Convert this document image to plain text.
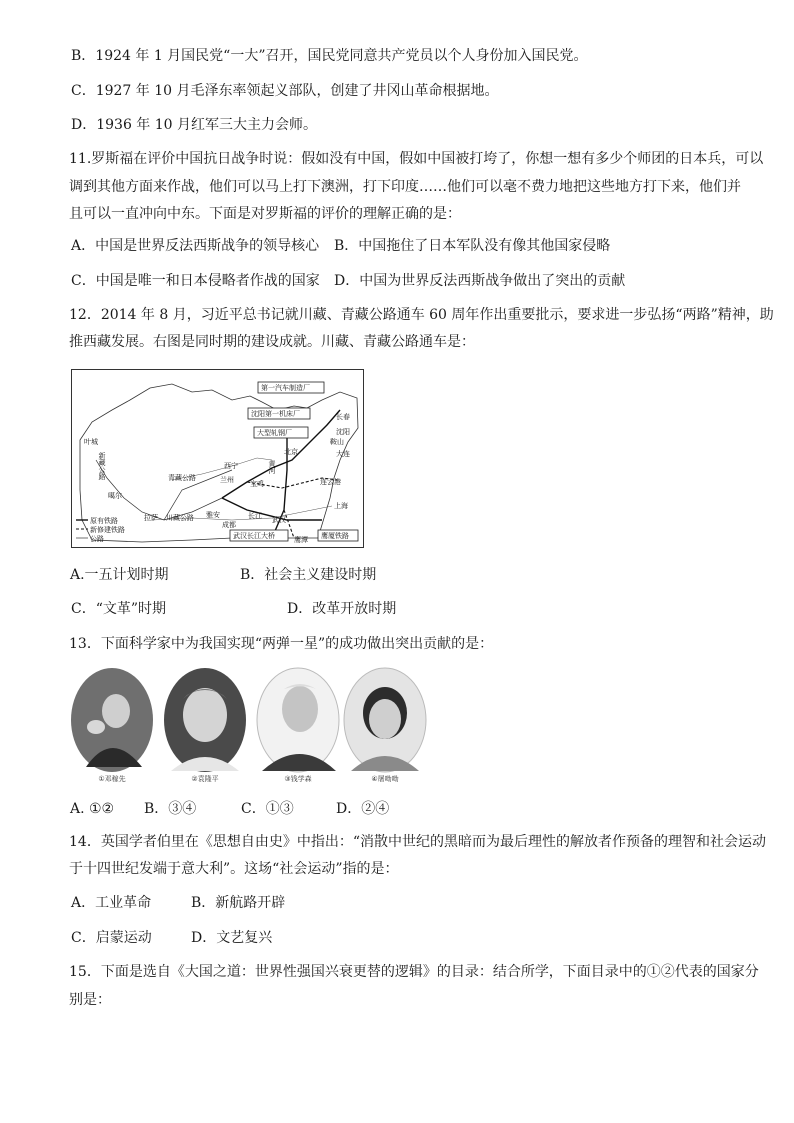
B．1924 年 1 月国民党“一大”召开，国民党同意共产党员以个人身份加入国民党。
C．1927 年 10 月毛泽东率领起义部队，创建了井冈山革命根据地。
D．1936 年 10 月红军三大主力会师。
11.罗斯福在评价中国抗日战争时说：假如没有中国，假如中国被打垮了，你想一想有多少个师团的日本兵，可以
调到其他方面来作战，他们可以马上打下澳洲，打下印度……他们可以毫不费力地把这些地方打下来，他们并
且可以一直冲向中东。下面是对罗斯福的评价的理解正确的是：
A．中国是世界反法西斯战争的领导核心 B．中国拖住了日本军队没有像其他国家侵略
C．中国是唯一和日本侵略者作战的国家 D．中国为世界反法西斯战争做出了突出的贡献
12．2014 年 8 月，习近平总书记就川藏、青藏公路通车 60 周年作出重要批示，要求进一步弘扬“两路”精神，助
推西藏发展。右图是同时期的建设成就。川藏、青藏公路通车是：
第一汽车制造厂
沈阳第一机床厂
大型轧钢厂
长春
沈阳
鞍山
大连
北京
连云港
上海
武汉
鹰潭
西宁
兰州 宝鸡
成都
雅安
拉萨
叶城
噶尔
新藏公路	青藏公路
川藏公路
黄河
长江
武汉长江大桥	鹰厦铁路
原有铁路
新修建铁路
公路
A.一五计划时期	B．社会主义建设时期
C．“文革”时期	D．改革开放时期
13．下面科学家中为我国实现“两弹一星”的成功做出突出贡献的是：
①邓稼先	②袁隆平	③钱学森	④屠呦呦
A. ①② B．③④	C．①③	D．②④
14．英国学者伯里在《思想自由史》中指出：“消散中世纪的黑暗而为最后理性的解放者作预备的理智和社会运动
于十四世纪发端于意大利”。这场“社会运动”指的是：
A．工业革命	B．新航路开辟
C．启蒙运动	D．文艺复兴
15．下面是选自《大国之道：世界性强国兴衰更替的逻辑》的目录：结合所学，下面目录中的①②代表的国家分
别是：
